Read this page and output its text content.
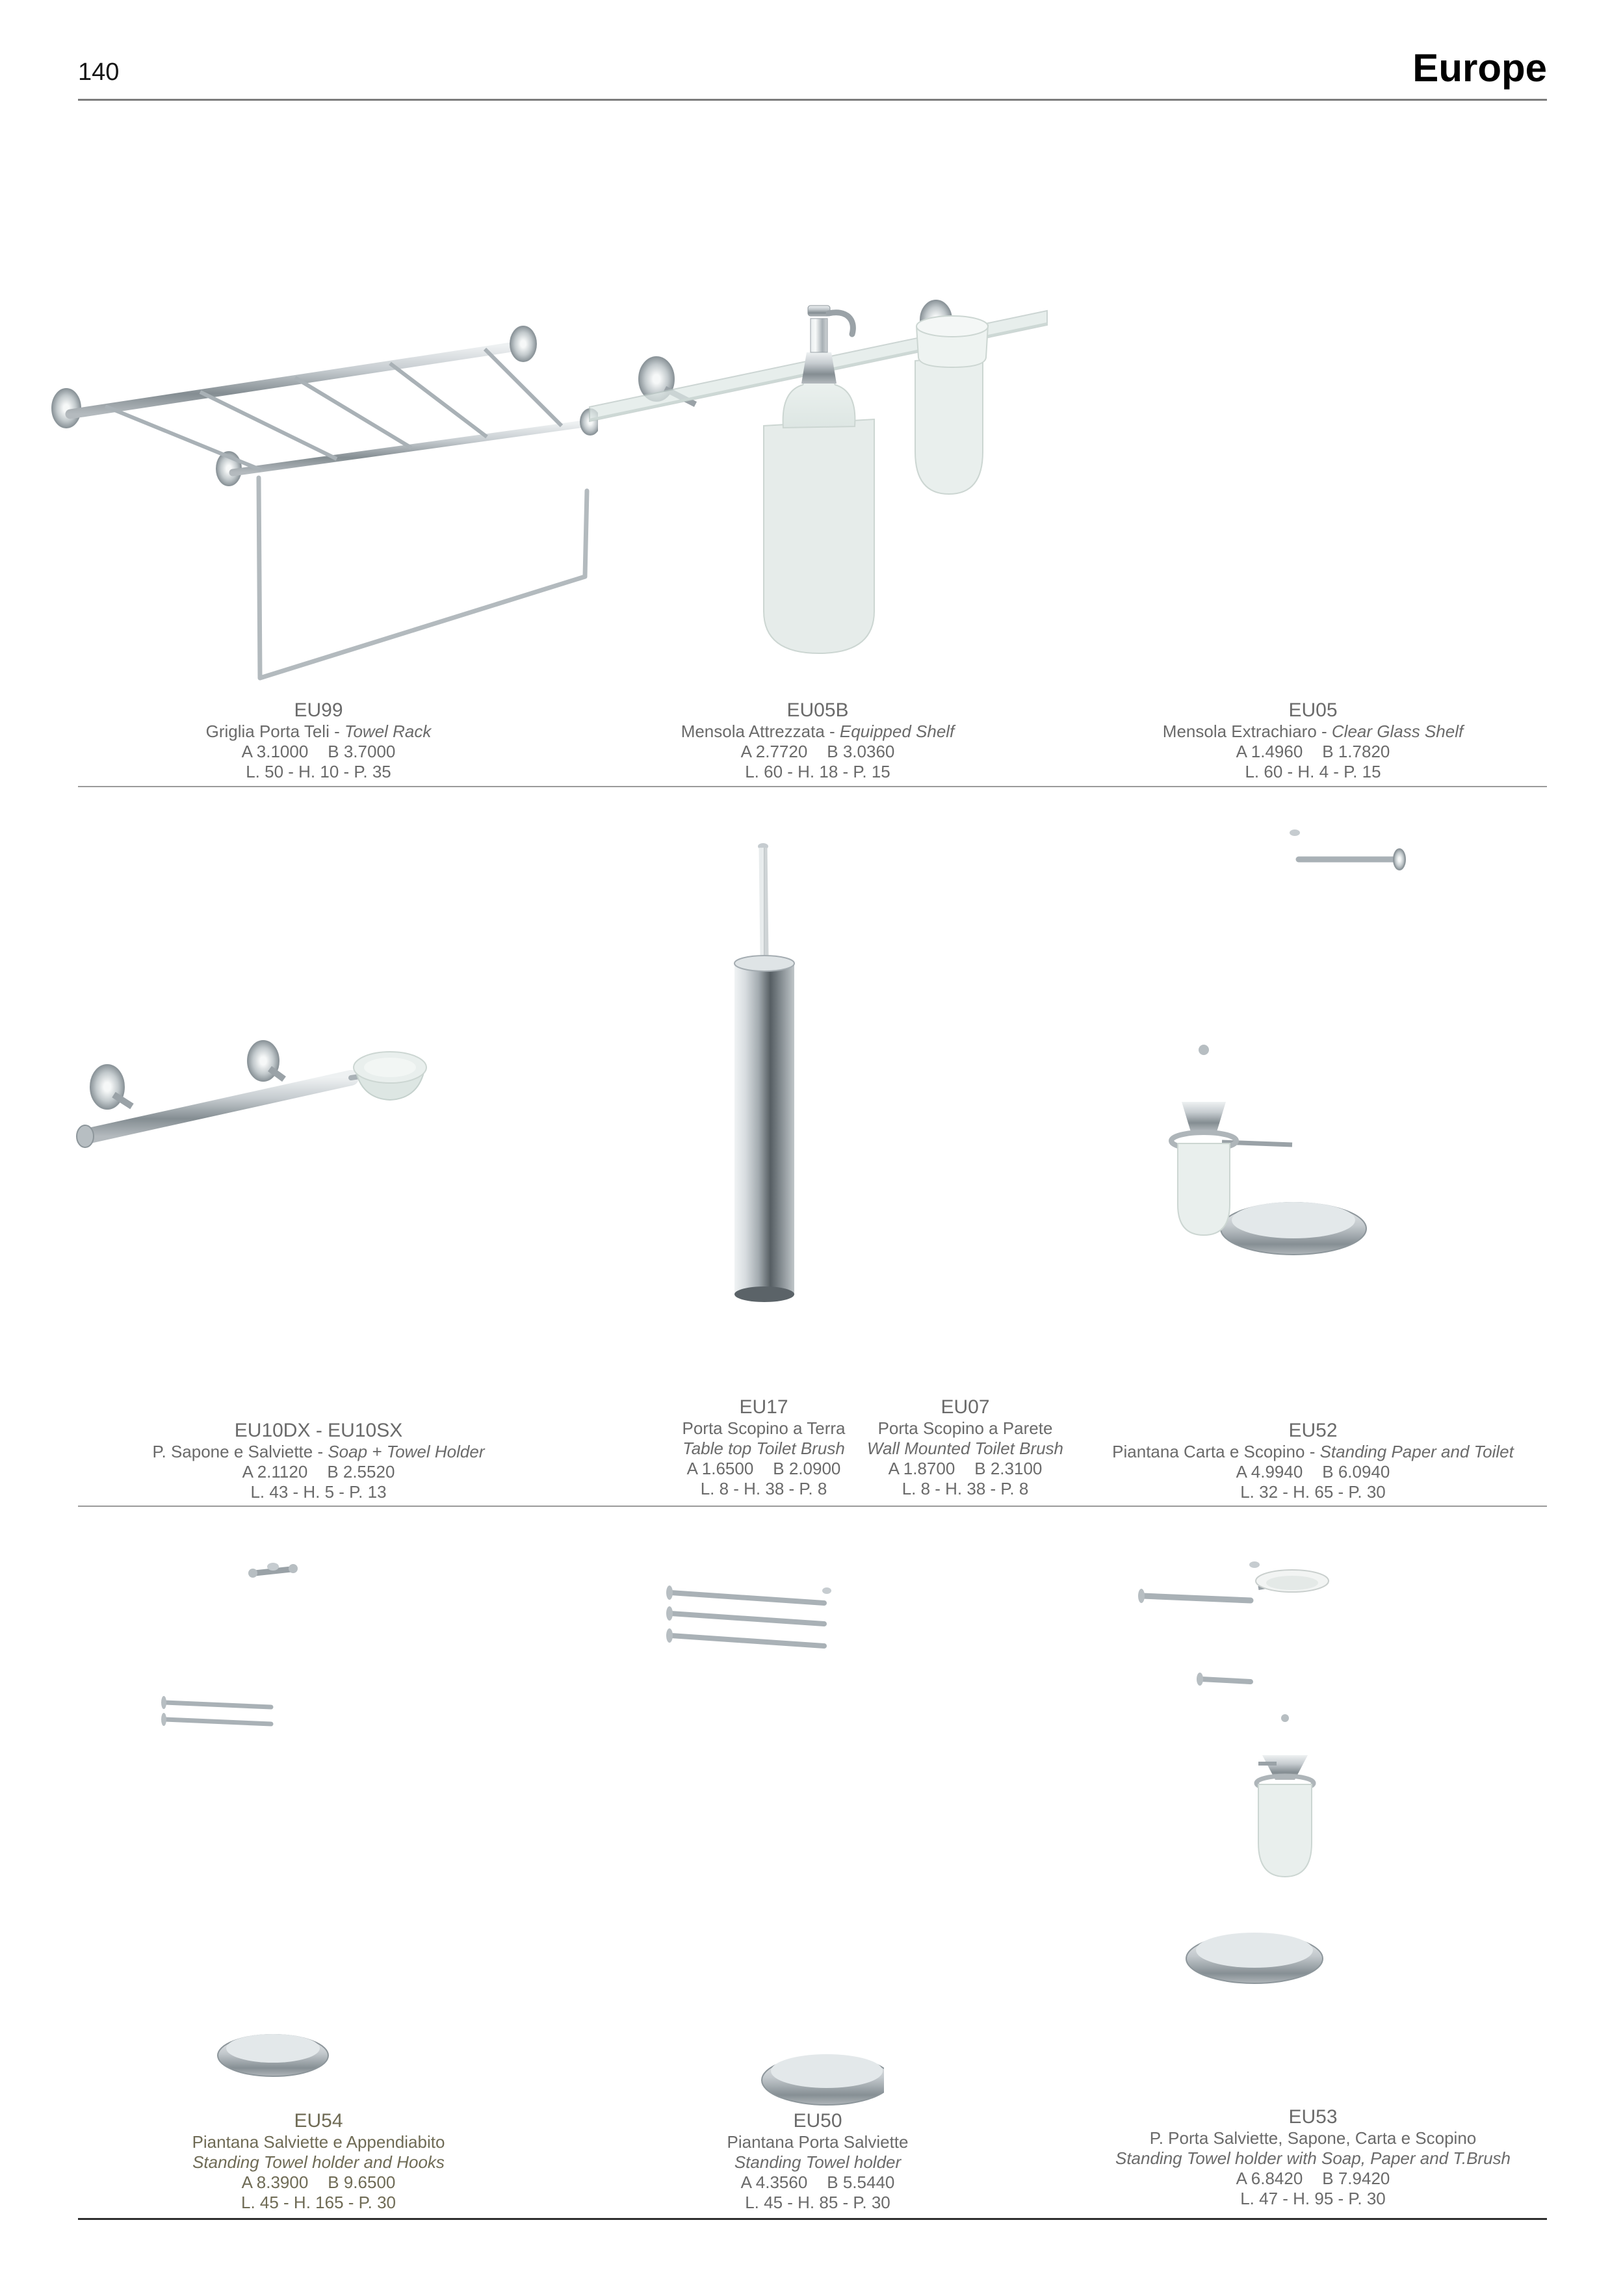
140	Europe
EU99
Griglia Porta Teli - Towel Rack
A 3.1000 B 3.7000
L. 50 - H. 10 - P. 35
EU05B
Mensola Attrezzata - Equipped Shelf
A 2.7720 B 3.0360
L. 60 - H. 18 - P. 15
EU05
Mensola Extrachiaro - Clear Glass Shelf
A 1.4960 B 1.7820
L. 60 - H. 4 - P. 15
EU10DX - EU10SX
P. Sapone e Salviette - Soap + Towel Holder
A 2.1120 B 2.5520
L. 43 - H. 5 - P. 13
EU17
Porta Scopino a Terra
Table top Toilet Brush
A 1.6500 B 2.0900
L. 8 - H. 38 - P. 8
EU07
Porta Scopino a Parete
Wall Mounted Toilet Brush
A 1.8700 B 2.3100
L. 8 - H. 38 - P. 8
EU52
Piantana Carta e Scopino - Standing Paper and Toilet
A 4.9940 B 6.0940
L. 32 - H. 65 - P. 30
EU54
Piantana Salviette e Appendiabito
Standing Towel holder and Hooks
A 8.3900 B 9.6500
L. 45 - H. 165 - P. 30
EU50
Piantana Porta Salviette
Standing Towel holder
A 4.3560 B 5.5440
L. 45 - H. 85 - P. 30
EU53
P. Porta Salviette, Sapone, Carta e Scopino
Standing Towel holder with Soap, Paper and T.Brush
A 6.8420 B 7.9420
L. 47 - H. 95 - P. 30
